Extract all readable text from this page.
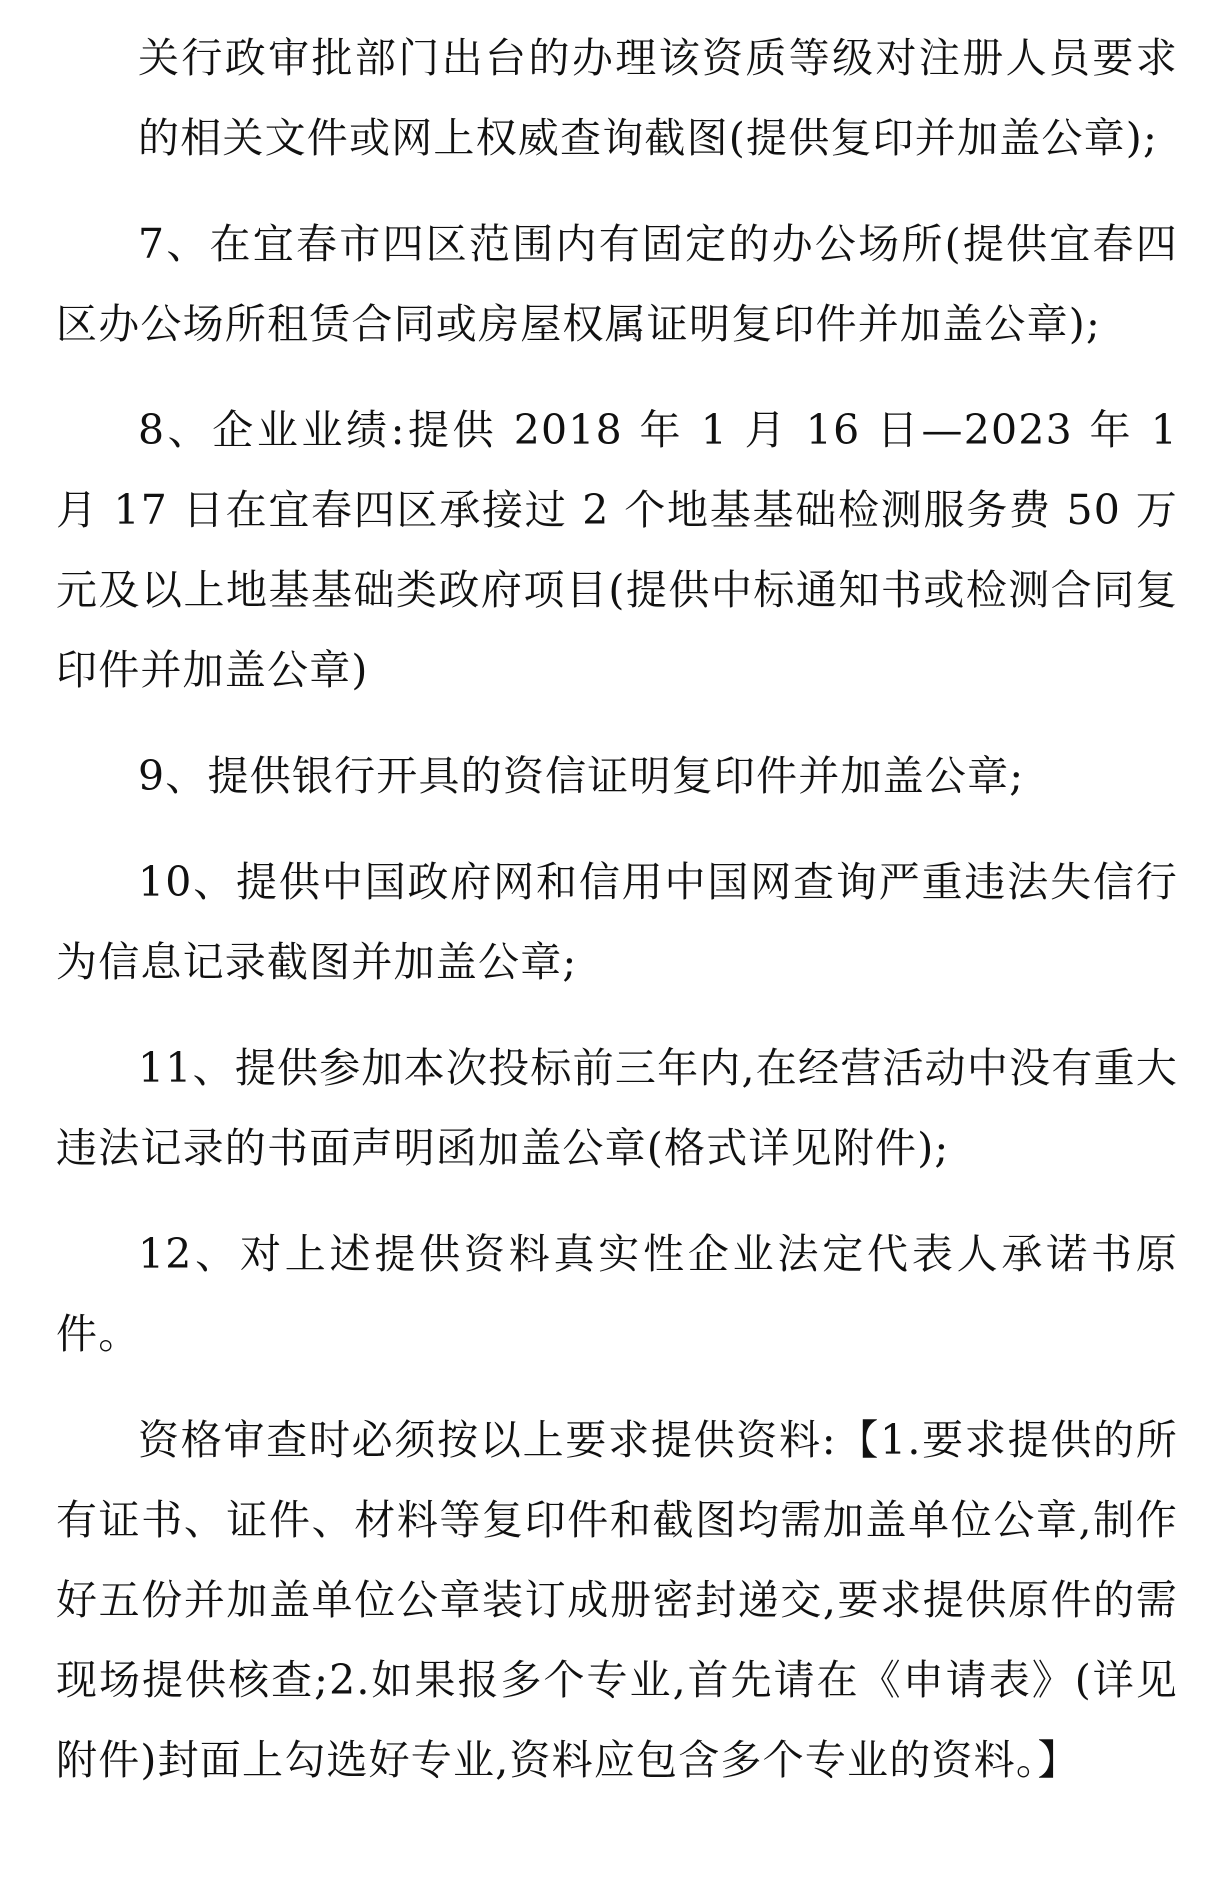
关行政审批部门出台的办理该资质等级对注册人员要求的相关文件或网上权威查询截图(提供复印并加盖公章);

7、在宜春市四区范围内有固定的办公场所(提供宜春四区办公场所租赁合同或房屋权属证明复印件并加盖公章);

8、企业业绩:提供 2018 年 1 月 16 日—2023 年 1 月 17 日在宜春四区承接过 2 个地基基础检测服务费 50 万元及以上地基基础类政府项目(提供中标通知书或检测合同复印件并加盖公章)

9、提供银行开具的资信证明复印件并加盖公章;

10、提供中国政府网和信用中国网查询严重违法失信行为信息记录截图并加盖公章;

11、提供参加本次投标前三年内,在经营活动中没有重大违法记录的书面声明函加盖公章(格式详见附件);

12、对上述提供资料真实性企业法定代表人承诺书原件。

资格审查时必须按以上要求提供资料:【1.要求提供的所有证书、证件、材料等复印件和截图均需加盖单位公章,制作好五份并加盖单位公章装订成册密封递交,要求提供原件的需现场提供核查;2.如果报多个专业,首先请在《申请表》(详见附件)封面上勾选好专业,资料应包含多个专业的资料。】
